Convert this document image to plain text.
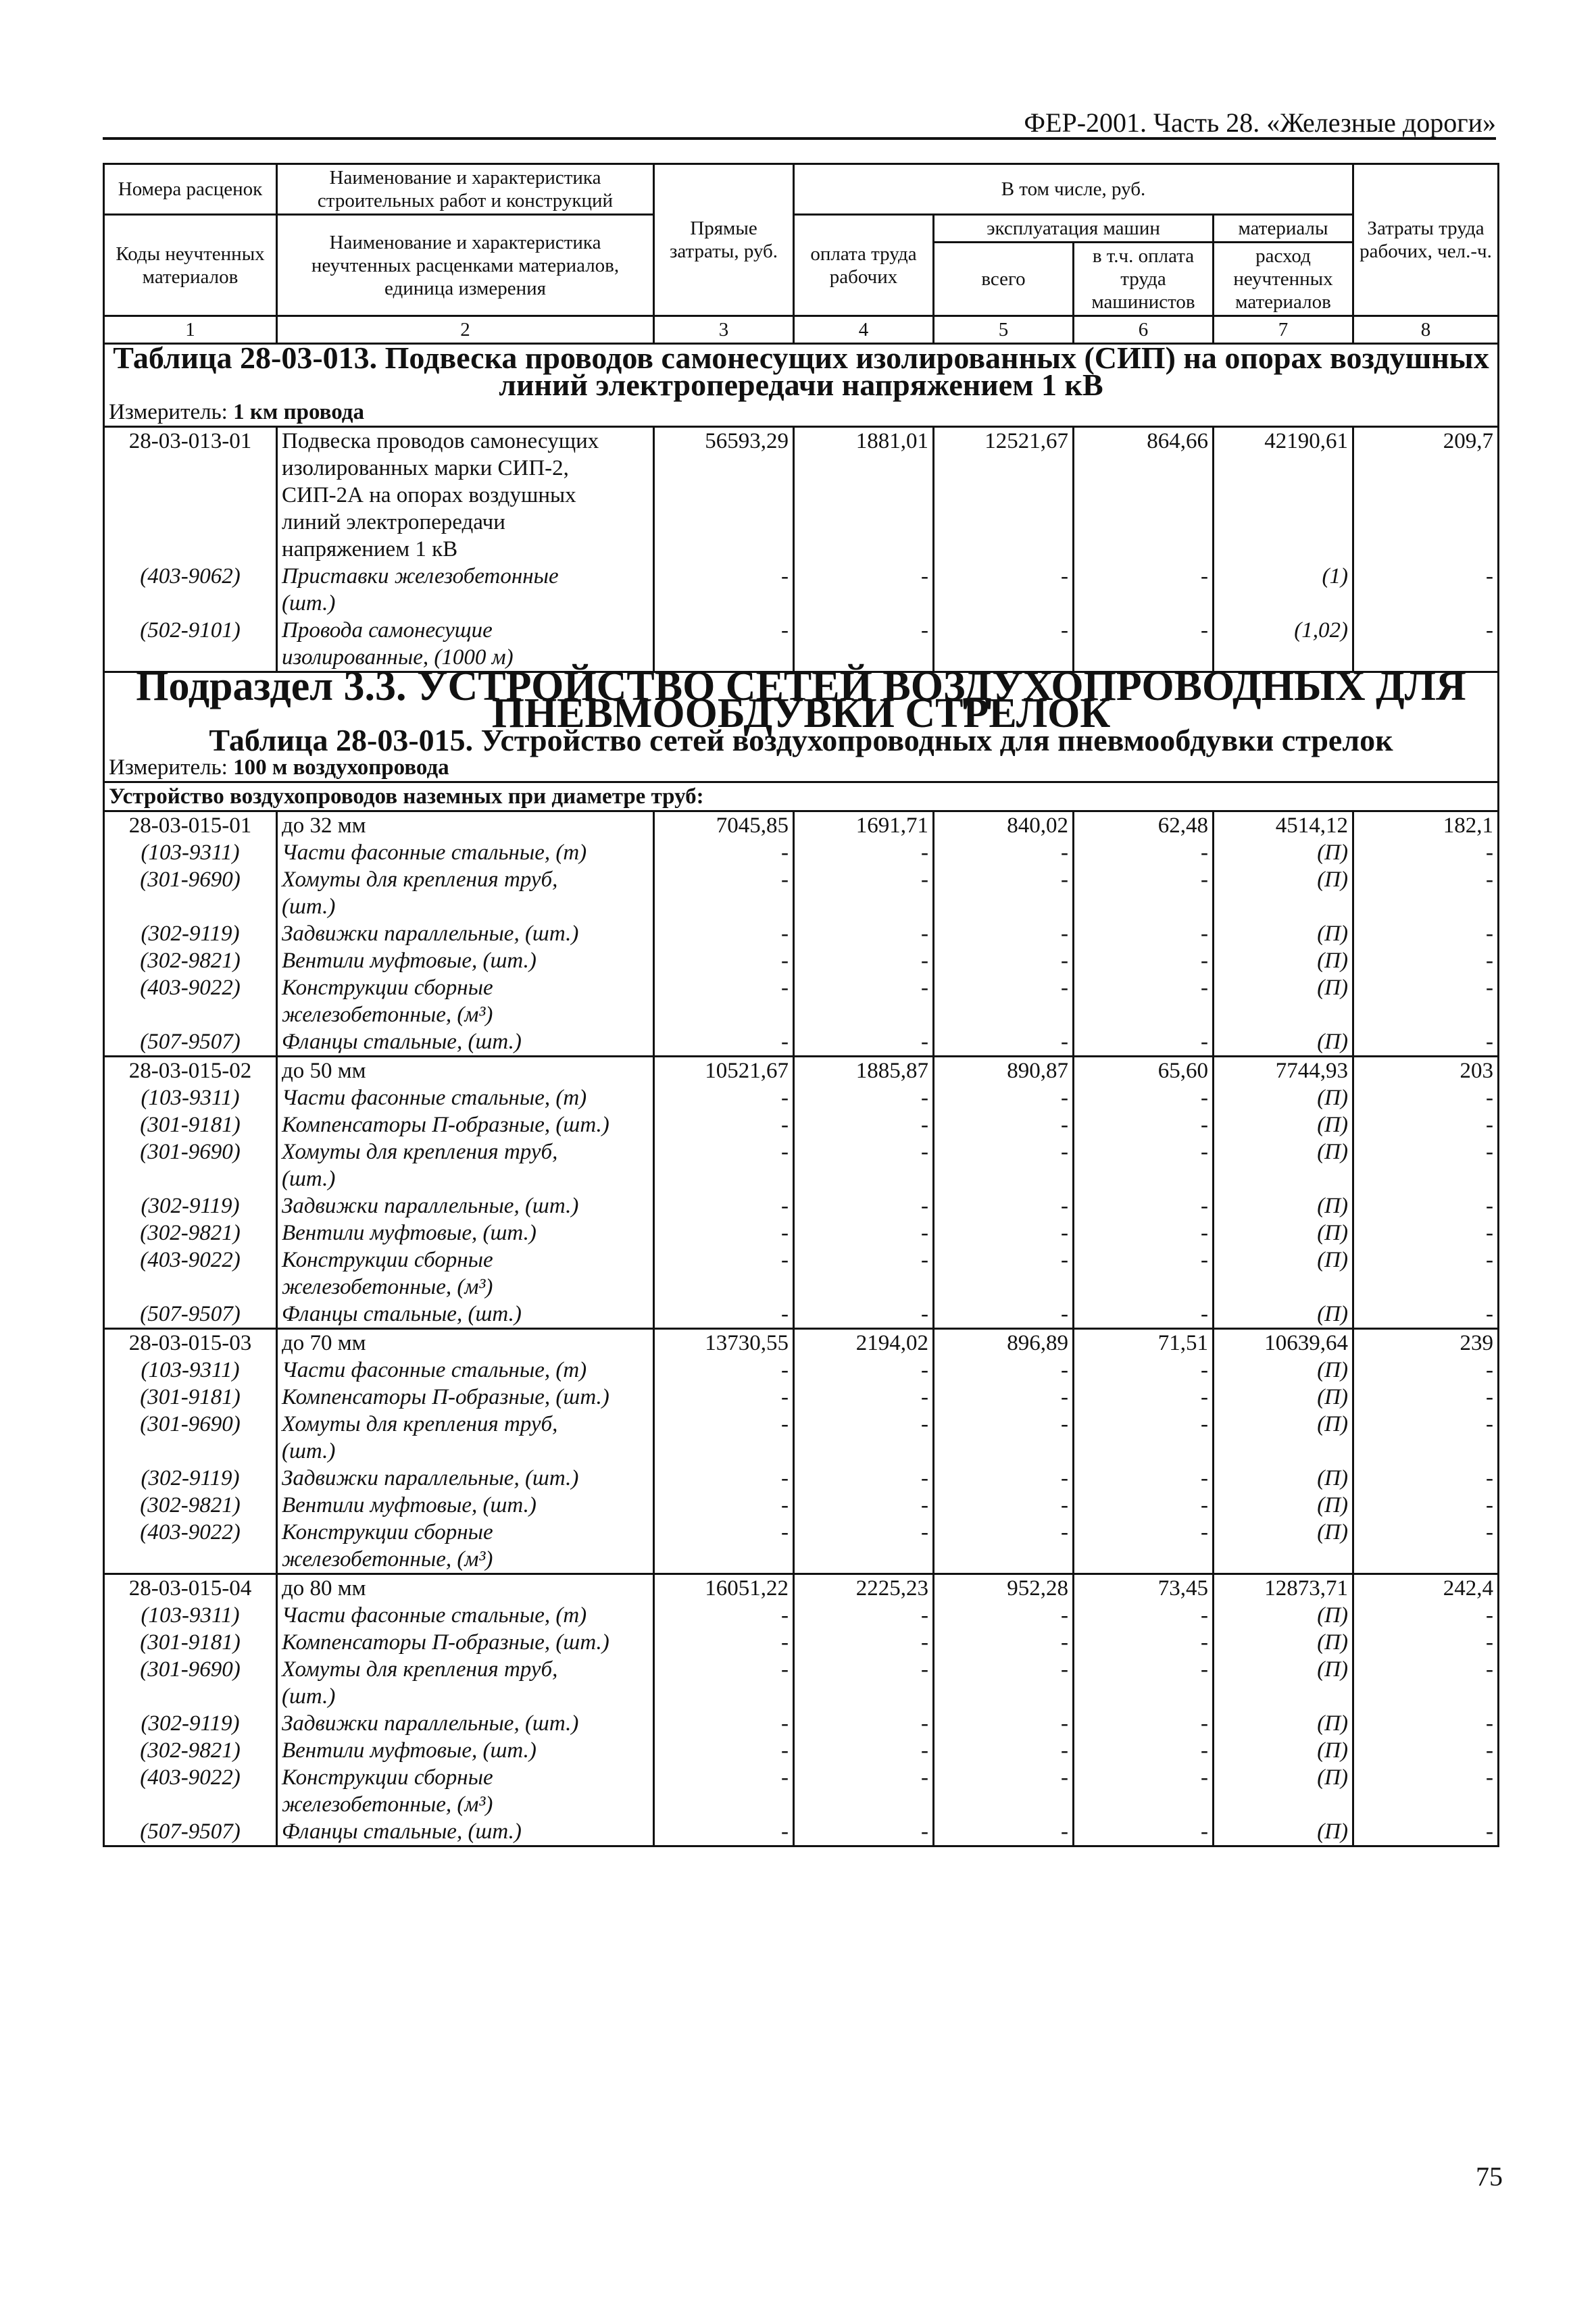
ФЕР-2001. Часть 28. «Железные дороги»
Номера расценок	Наименование и характеристика строительных работ и конструкций	Прямые затраты, руб.	В том числе, руб.				Затраты труда рабочих, чел.-ч.
Коды неучтенных материалов	Наименование и характеристика неучтенных расценками материалов, единица измерения		оплата труда рабочих	эксплуатация машин		материалы	
				всего	в т.ч. оплата труда машинистов	расход неучтенных материалов	
1	2	3	4	5	6	7	8
Таблица 28-03-013. Подвеска проводов самонесущих изолированных (СИП) на опорах воздушных линий электропередачи напряжением 1 кВ							
Измеритель: 1 км провода							
28-03-013-01	Подвеска проводов самонесущих	56593,29	1881,01	12521,67	864,66	42190,61	209,7
	изолированных марки СИП-2,						
	СИП-2А на опорах воздушных						
	линий электропередачи						
	напряжением 1 кВ						
(403-9062)	Приставки железобетонные	-	-	-	-	(1)	-
	(шт.)						
(502-9101)	Провода самонесущие	-	-	-	-	(1,02)	-
	изолированные, (1000 м)						
Подраздел 3.3. УСТРОЙСТВО СЕТЕЙ ВОЗДУХОПРОВОДНЫХ ДЛЯ ПНЕВМООБДУВКИ СТРЕЛОК							
Таблица 28-03-015. Устройство сетей воздухопроводных для пневмообдувки стрелок							
Измеритель: 100 м воздухопровода							
Устройство воздухопроводов наземных при диаметре труб:							
28-03-015-01	до 32 мм	7045,85	1691,71	840,02	62,48	4514,12	182,1
(103-9311)	Части фасонные стальные, (т)	-	-	-	-	(П)	-
(301-9690)	Хомуты для крепления труб,	-	-	-	-	(П)	-
	(шт.)						
(302-9119)	Задвижки параллельные, (шт.)	-	-	-	-	(П)	-
(302-9821)	Вентили муфтовые, (шт.)	-	-	-	-	(П)	-
(403-9022)	Конструкции сборные	-	-	-	-	(П)	-
	железобетонные, (м³)						
(507-9507)	Фланцы стальные, (шт.)	-	-	-	-	(П)	-
28-03-015-02	до 50 мм	10521,67	1885,87	890,87	65,60	7744,93	203
(103-9311)	Части фасонные стальные, (т)	-	-	-	-	(П)	-
(301-9181)	Компенсаторы П-образные, (шт.)	-	-	-	-	(П)	-
(301-9690)	Хомуты для крепления труб,	-	-	-	-	(П)	-
	(шт.)						
(302-9119)	Задвижки параллельные, (шт.)	-	-	-	-	(П)	-
(302-9821)	Вентили муфтовые, (шт.)	-	-	-	-	(П)	-
(403-9022)	Конструкции сборные	-	-	-	-	(П)	-
	железобетонные, (м³)						
(507-9507)	Фланцы стальные, (шт.)	-	-	-	-	(П)	-
28-03-015-03	до 70 мм	13730,55	2194,02	896,89	71,51	10639,64	239
(103-9311)	Части фасонные стальные, (т)	-	-	-	-	(П)	-
(301-9181)	Компенсаторы П-образные, (шт.)	-	-	-	-	(П)	-
(301-9690)	Хомуты для крепления труб,	-	-	-	-	(П)	-
	(шт.)						
(302-9119)	Задвижки параллельные, (шт.)	-	-	-	-	(П)	-
(302-9821)	Вентили муфтовые, (шт.)	-	-	-	-	(П)	-
(403-9022)	Конструкции сборные	-	-	-	-	(П)	-
	железобетонные, (м³)						
28-03-015-04	до 80 мм	16051,22	2225,23	952,28	73,45	12873,71	242,4
(103-9311)	Части фасонные стальные, (т)	-	-	-	-	(П)	-
(301-9181)	Компенсаторы П-образные, (шт.)	-	-	-	-	(П)	-
(301-9690)	Хомуты для крепления труб,	-	-	-	-	(П)	-
	(шт.)						
(302-9119)	Задвижки параллельные, (шт.)	-	-	-	-	(П)	-
(302-9821)	Вентили муфтовые, (шт.)	-	-	-	-	(П)	-
(403-9022)	Конструкции сборные	-	-	-	-	(П)	-
	железобетонные, (м³)						
(507-9507)	Фланцы стальные, (шт.)	-	-	-	-	(П)	-
75
